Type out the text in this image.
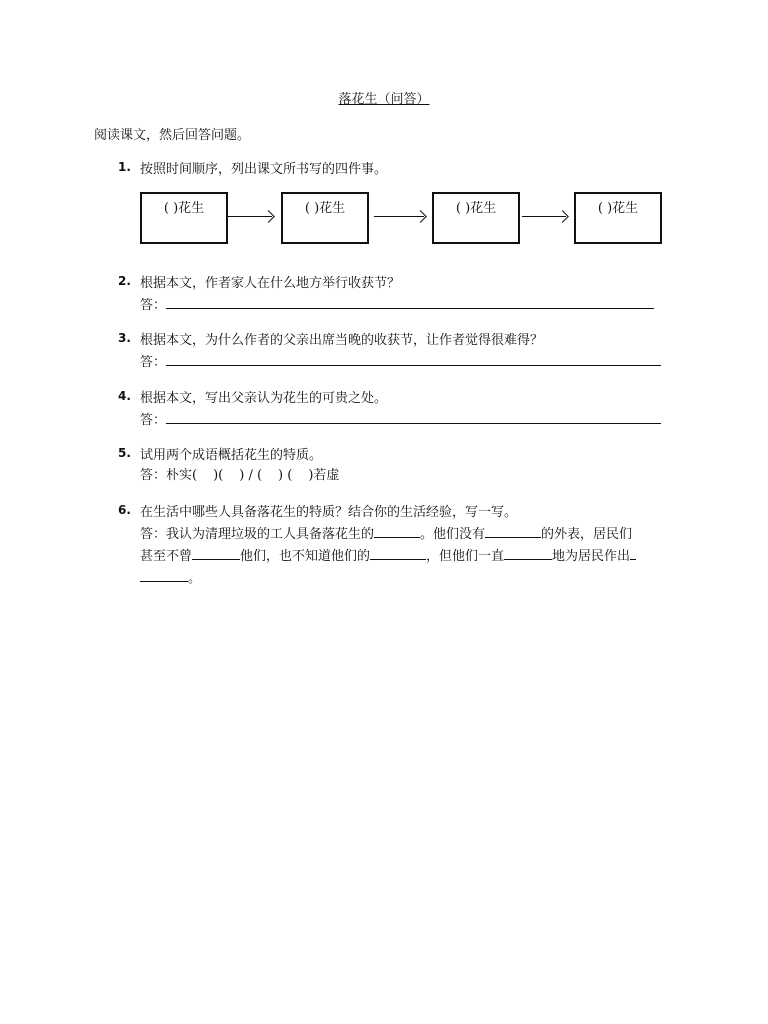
落花生（问答）
阅读课文，然后回答问题。
1. 按照时间顺序，列出课文所书写的四件事。
( )花生	( )花生	( )花生	( )花生
2. 根据本文，作者家人在什么地方举行收获节？
答：
3. 根据本文，为什么作者的父亲出席当晚的收获节，让作者觉得很难得？
答：
4. 根据本文，写出父亲认为花生的可贵之处。
答：
5. 试用两个成语概括花生的特质。
答：朴实( )( ) / ( ) ( )若虚
6. 在生活中哪些人具备落花生的特质？结合你的生活经验，写一写。
答：我认为清理垃圾的工人具备落花生的	。他们没有	的外表，居民们
甚至不曾	他们，也不知道他们的	，但他们一直	地为居民作出
。
